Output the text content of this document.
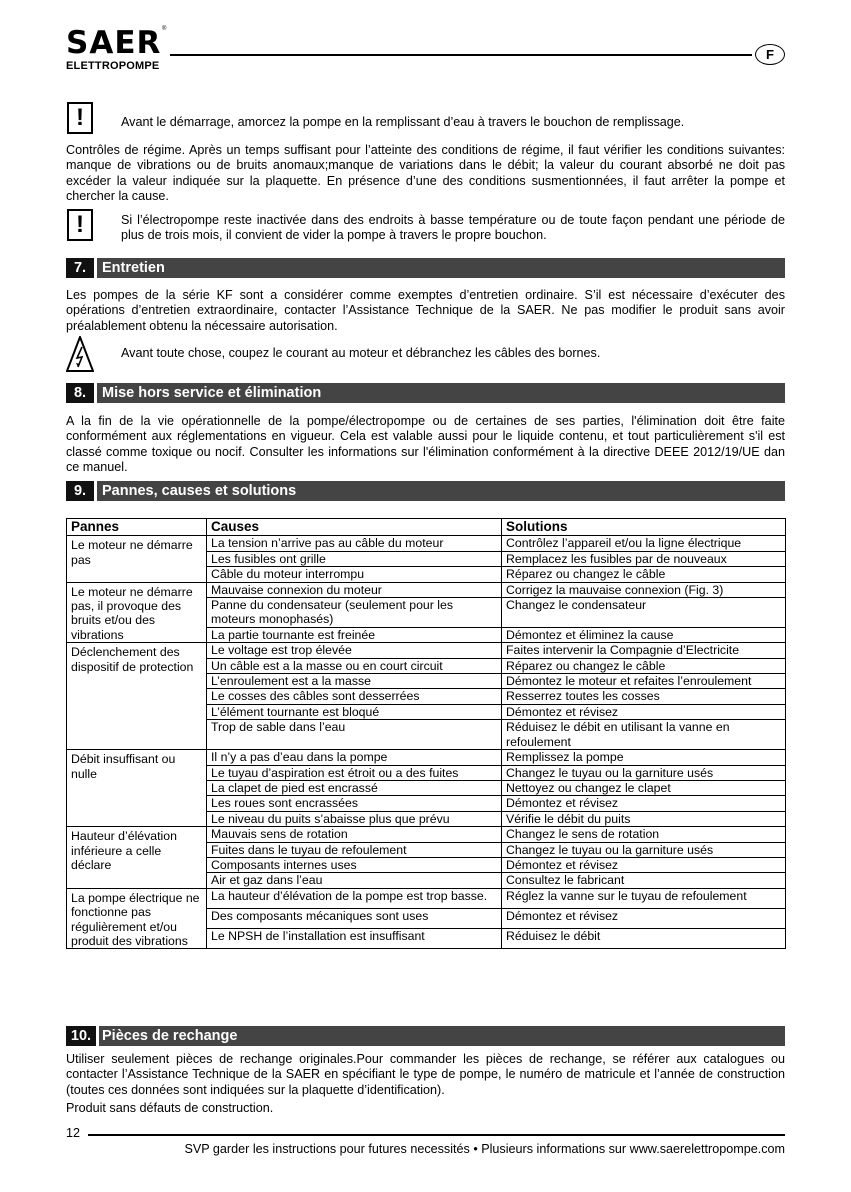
SAER ®
ELETTROPOMPE
F
!	Avant le démarrage, amorcez la pompe en la remplissant d’eau à travers le bouchon de remplissage.
Contrôles de régime. Après un temps suffisant pour l’atteinte des conditions de régime, il faut vérifier les conditions suivantes: manque de vibrations ou de bruits anomaux;manque de variations dans le débit; la valeur du courant absorbé ne doit pas excéder la valeur indiquée sur la plaquette. En présence d’une des conditions susmentionnées, il faut arrêter la pompe et chercher la cause.
!	Si l’électropompe reste inactivée dans des endroits à basse température ou de toute façon pendant une période de plus de trois mois, il convient de vider la pompe à travers le propre bouchon.
7.	Entretien
Les pompes de la série KF sont a considérer comme exemptes d’entretien ordinaire. S’il est nécessaire d’exécuter des opérations d’entretien extraordinaire, contacter l’Assistance Technique de la SAER. Ne pas modifier le produit sans avoir préalablement obtenu la nécessaire autorisation.
Avant toute chose, coupez le courant au moteur et débranchez les câbles des bornes.
8.	Mise hors service et élimination
A la fin de la vie opérationnelle de la pompe/électropompe ou de certaines de ses parties, l'élimination doit être faite conformément aux réglementations en vigueur. Cela est valable aussi pour le liquide contenu, et tout particulièrement s'il est classé comme toxique ou nocif. Consulter les informations sur l'élimination conformément à la directive DEEE 2012/19/UE dan ce manuel.
9.	Pannes, causes et solutions
Pannes	Causes	Solutions
Le moteur ne démarre pas	La tension n’arrive pas au câble du moteur	Contrôlez l’appareil et/ou la ligne électrique
	Les fusibles ont grille	Remplacez les fusibles par de nouveaux
	Câble du moteur interrompu	Réparez ou changez le câble
Le moteur ne démarre pas, il provoque des bruits et/ou des vibrations	Mauvaise connexion du moteur	Corrigez la mauvaise connexion (Fig. 3)
	Panne du condensateur (seulement pour les moteurs monophasés)	Changez le condensateur
	La partie tournante est freinée	Démontez et éliminez la cause
Déclenchement des dispositif de protection	Le voltage est trop élevée	Faites intervenir la Compagnie d’Electricite
	Un câble est a la masse ou en court circuit	Réparez ou changez le câble
	L’enroulement est a la masse	Démontez le moteur et refaites l’enroulement
	Le cosses des câbles sont desserrées	Resserrez toutes les cosses
	L’élément tournante est bloqué	Démontez et révisez
	Trop de sable dans l’eau	Réduisez le débit en utilisant la vanne en refoulement
Débit insuffisant ou nulle	Il n’y a pas d’eau dans la pompe	Remplissez la pompe
	Le tuyau d’aspiration est étroit ou a des fuites	Changez le tuyau ou la garniture usés
	La clapet de pied est encrassé	Nettoyez ou changez le clapet
	Les roues sont encrassées	Démontez et révisez
	Le niveau du puits s’abaisse plus que prévu	Vérifie le débit du puits
Hauteur d’élévation inférieure a celle déclare	Mauvais sens de rotation	Changez le sens de rotation
	Fuites dans le tuyau de refoulement	Changez le tuyau ou la garniture usés
	Composants internes uses	Démontez et révisez
	Air et gaz dans l’eau	Consultez le fabricant
La pompe électrique ne fonctionne pas régulièrement et/ou produit des vibrations	La hauteur d’élévation de la pompe est trop basse.	Réglez la vanne sur le tuyau de refoulement
	Des composants mécaniques sont uses	Démontez et révisez
	Le NPSH de l’installation est insuffisant	Réduisez le débit
10. Pièces de rechange
Utiliser seulement pièces de rechange originales.Pour commander les pièces de rechange, se référer aux catalogues ou contacter l’Assistance Technique de la SAER en spécifiant le type de pompe, le numéro de matricule et l’année de construction (toutes ces données sont indiquées sur la plaquette d’identification).
Produit sans défauts de construction.
12
SVP garder les instructions pour futures necessités • Plusieurs informations sur www.saerelettropompe.com
